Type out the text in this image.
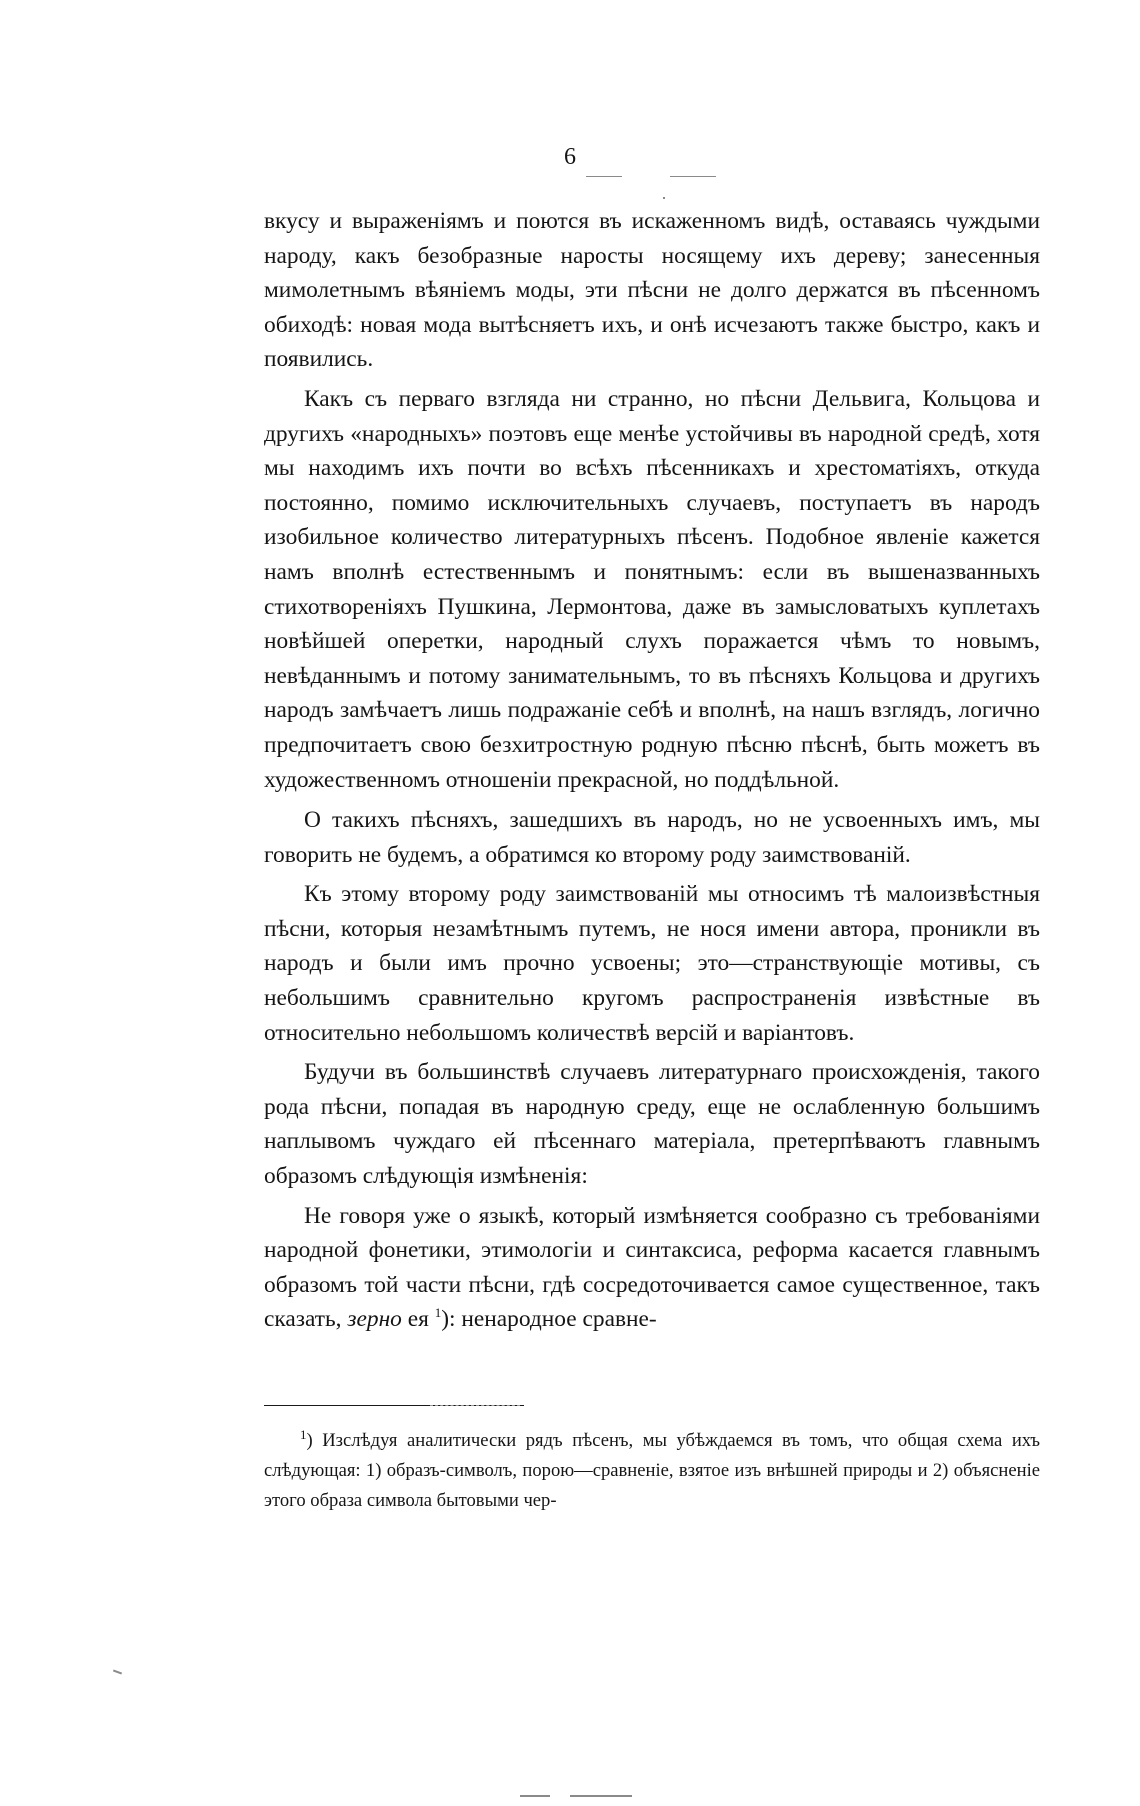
6

вкусу и выраженіямъ и поются въ искаженномъ видѣ, оставаясь чуждыми народу, какъ безобразные наросты носящему ихъ дереву; занесенныя мимолетнымъ вѣяніемъ моды, эти пѣсни не долго держатся въ пѣсенномъ обиходѣ: новая мода вытѣсняетъ ихъ, и онѣ исчезаютъ также быстро, какъ и появились.

Какъ съ перваго взгляда ни странно, но пѣсни Дельвига, Кольцова и другихъ «народныхъ» поэтовъ еще менѣе устойчивы въ народной средѣ, хотя мы находимъ ихъ почти во всѣхъ пѣсенникахъ и хрестоматіяхъ, откуда постоянно, помимо исключительныхъ случаевъ, поступаетъ въ народъ изобильное количество литературныхъ пѣсенъ. Подобное явленіе кажется намъ вполнѣ естественнымъ и понятнымъ: если въ вышеназванныхъ стихотвореніяхъ Пушкина, Лермонтова, даже въ замысловатыхъ куплетахъ новѣйшей оперетки, народный слухъ поражается чѣмъ то новымъ, невѣданнымъ и потому занимательнымъ, то въ пѣсняхъ Кольцова и другихъ народъ замѣчаетъ лишь подражаніе себѣ и вполнѣ, на нашъ взглядъ, логично предпочитаетъ свою безхитростную родную пѣсню пѣснѣ, быть можетъ въ художественномъ отношеніи прекрасной, но поддѣльной.

О такихъ пѣсняхъ, зашедшихъ въ народъ, но не усвоенныхъ имъ, мы говорить не будемъ, а обратимся ко второму роду заимствованій.

Къ этому второму роду заимствованій мы относимъ тѣ малоизвѣстныя пѣсни, которыя незамѣтнымъ путемъ, не нося имени автора, проникли въ народъ и были имъ прочно усвоены; это—странствующіе мотивы, съ небольшимъ сравнительно кругомъ распространенія извѣстные въ относительно небольшомъ количествѣ версій и варіантовъ.

Будучи въ большинствѣ случаевъ литературнаго происхожденія, такого рода пѣсни, попадая въ народную среду, еще не ослабленную большимъ наплывомъ чуждаго ей пѣсеннаго матеріала, претерпѣваютъ главнымъ образомъ слѣдующія измѣненія:

Не говоря уже о языкѣ, который измѣняется сообразно съ требованіями народной фонетики, этимологіи и синтаксиса, реформа касается главнымъ образомъ той части пѣсни, гдѣ сосредоточивается самое существенное, такъ сказать, зерно ея $^1$): ненародное сравне-

$^1$) Изслѣдуя аналитически рядъ пѣсенъ, мы убѣждаемся въ томъ, что общая схема ихъ слѣдующая: 1) образъ-символъ, порою—сравненіе, взятое изъ внѣшней природы и 2) объясненіе этого образа символа бытовыми чер-
